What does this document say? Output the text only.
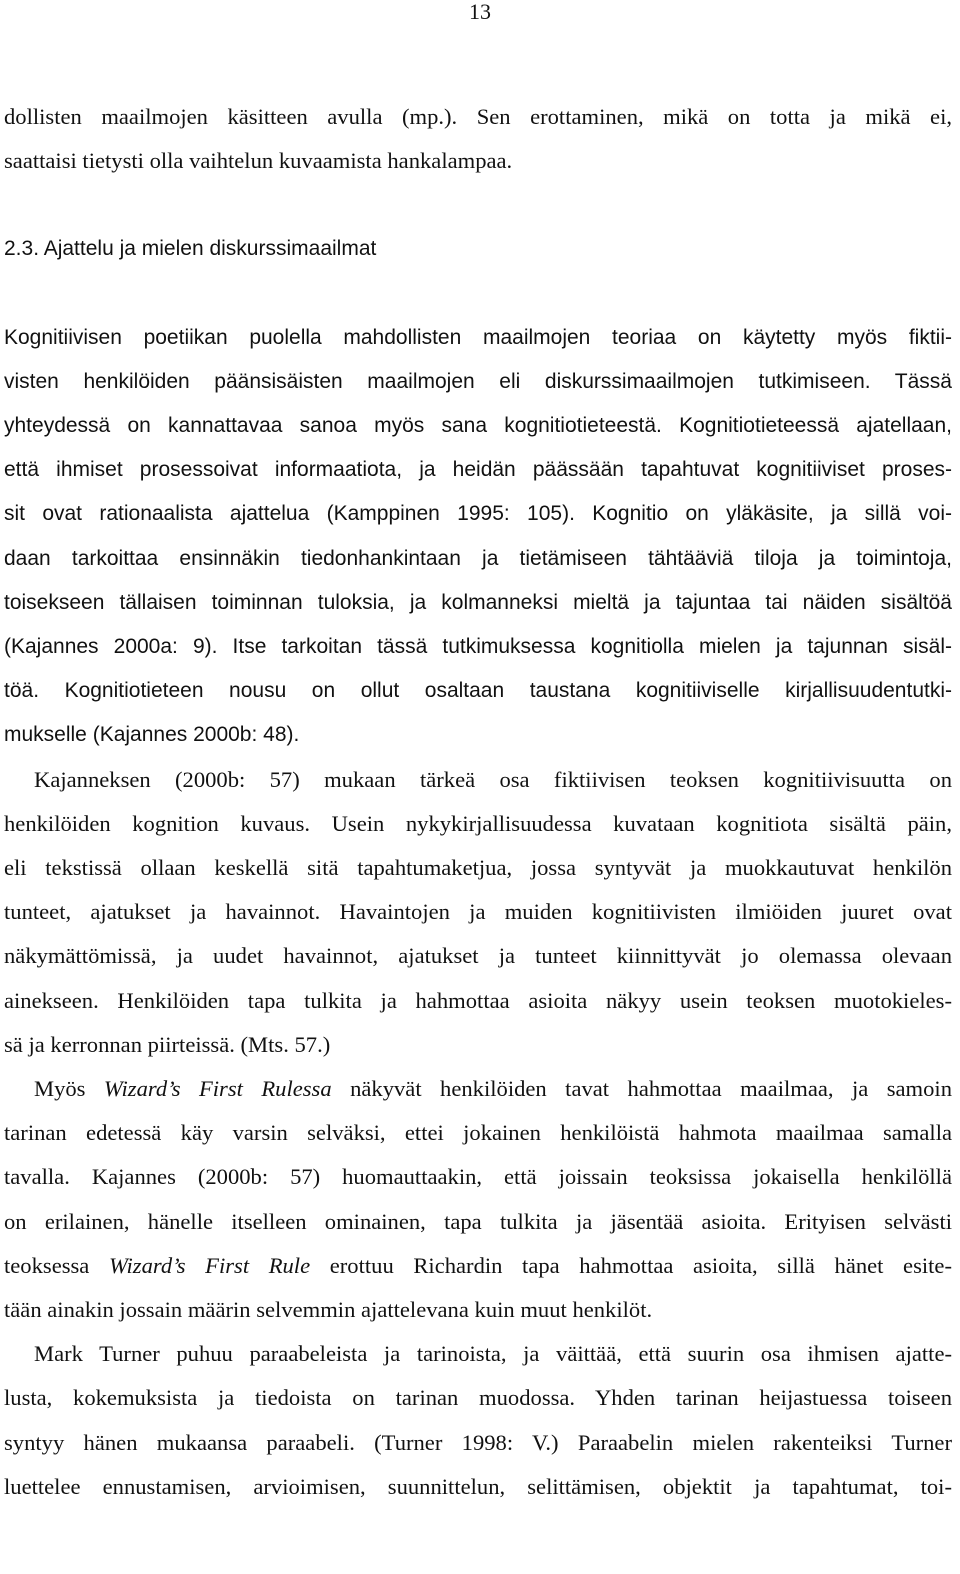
13
dollisten maailmojen käsitteen avulla (mp.). Sen erottaminen, mikä on totta ja mikä ei,
saattaisi tietysti olla vaihtelun kuvaamista hankalampaa.
2.3. Ajattelu ja mielen diskurssimaailmat
Kognitiivisen poetiikan puolella mahdollisten maailmojen teoriaa on käytetty myös fiktii-
visten henkilöiden päänsisäisten maailmojen eli diskurssimaailmojen tutkimiseen. Tässä
yhteydessä on kannattavaa sanoa myös sana kognitiotieteestä. Kognitiotieteessä ajatellaan,
että ihmiset prosessoivat informaatiota, ja heidän päässään tapahtuvat kognitiiviset proses-
sit ovat rationaalista ajattelua (Kamppinen 1995: 105). Kognitio on yläkäsite, ja sillä voi-
daan tarkoittaa ensinnäkin tiedonhankintaan ja tietämiseen tähtääviä tiloja ja toimintoja,
toisekseen tällaisen toiminnan tuloksia, ja kolmanneksi mieltä ja tajuntaa tai näiden sisältöä
(Kajannes 2000a: 9). Itse tarkoitan tässä tutkimuksessa kognitiolla mielen ja tajunnan sisäl-
töä. Kognitiotieteen nousu on ollut osaltaan taustana kognitiiviselle kirjallisuudentutki-
mukselle (Kajannes 2000b: 48).
Kajanneksen (2000b: 57) mukaan tärkeä osa fiktiivisen teoksen kognitiivisuutta on
henkilöiden kognition kuvaus. Usein nykykirjallisuudessa kuvataan kognitiota sisältä päin,
eli tekstissä ollaan keskellä sitä tapahtumaketjua, jossa syntyvät ja muokkautuvat henkilön
tunteet, ajatukset ja havainnot. Havaintojen ja muiden kognitiivisten ilmiöiden juuret ovat
näkymättömissä, ja uudet havainnot, ajatukset ja tunteet kiinnittyvät jo olemassa olevaan
ainekseen. Henkilöiden tapa tulkita ja hahmottaa asioita näkyy usein teoksen muotokieles-
sä ja kerronnan piirteissä. (Mts. 57.)
Myös Wizard’s First Rulessa näkyvät henkilöiden tavat hahmottaa maailmaa, ja samoin
tarinan edetessä käy varsin selväksi, ettei jokainen henkilöistä hahmota maailmaa samalla
tavalla. Kajannes (2000b: 57) huomauttaakin, että joissain teoksissa jokaisella henkilöllä
on erilainen, hänelle itselleen ominainen, tapa tulkita ja jäsentää asioita. Erityisen selvästi
teoksessa Wizard’s First Rule erottuu Richardin tapa hahmottaa asioita, sillä hänet esite-
tään ainakin jossain määrin selvemmin ajattelevana kuin muut henkilöt.
Mark Turner puhuu paraabeleista ja tarinoista, ja väittää, että suurin osa ihmisen ajatte-
lusta, kokemuksista ja tiedoista on tarinan muodossa. Yhden tarinan heijastuessa toiseen
syntyy hänen mukaansa paraabeli. (Turner 1998: V.) Paraabelin mielen rakenteiksi Turner
luettelee ennustamisen, arvioimisen, suunnittelun, selittämisen, objektit ja tapahtumat, toi-
